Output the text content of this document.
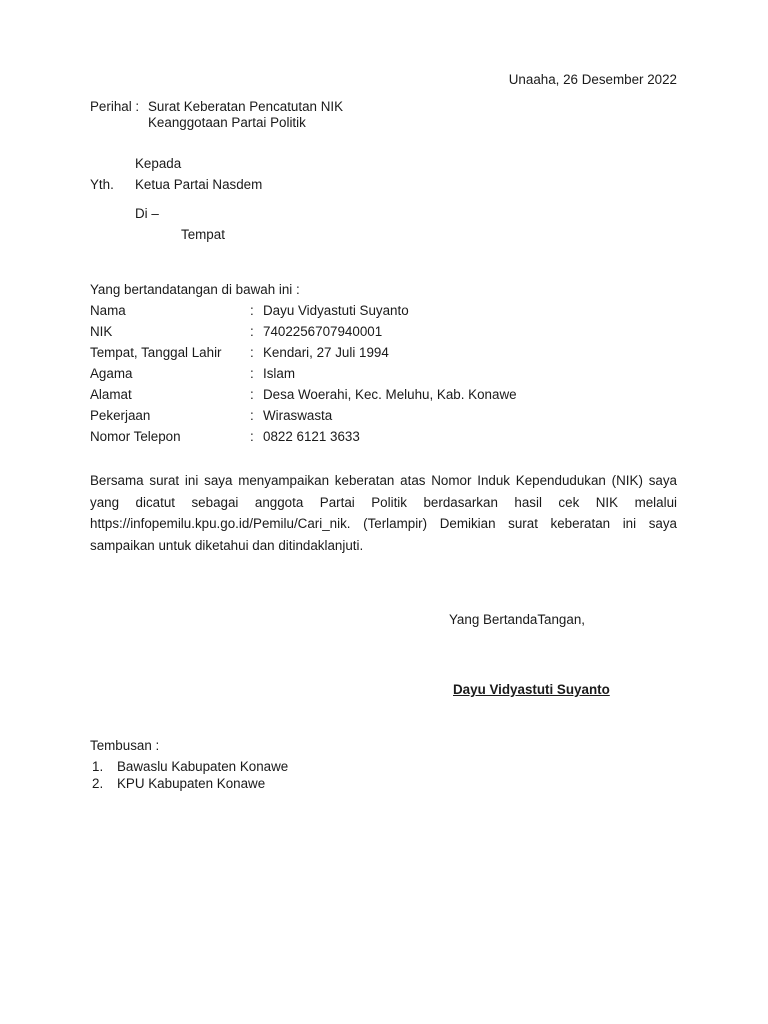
Unaaha, 26 Desember 2022
Perihal : Surat Keberatan Pencatutan NIK
Keanggotaan Partai Politik
Kepada
Yth. Ketua Partai Nasdem
Di –
Tempat
Yang bertandatangan di bawah ini :
Nama	: Dayu Vidyastuti Suyanto
NIK	: 7402256707940001
Tempat, Tanggal Lahir	: Kendari, 27 Juli 1994
Agama	: Islam
Alamat	: Desa Woerahi, Kec. Meluhu, Kab. Konawe
Pekerjaan	: Wiraswasta
Nomor Telepon	: 0822 6121 3633
Bersama surat ini saya menyampaikan keberatan atas Nomor Induk Kependudukan (NIK) saya yang dicatut sebagai anggota Partai Politik berdasarkan hasil cek NIK melalui https://infopemilu.kpu.go.id/Pemilu/Cari_nik. (Terlampir) Demikian surat keberatan ini saya sampaikan untuk diketahui dan ditindaklanjuti.
Yang BertandaTangan,
Dayu Vidyastuti Suyanto
Tembusan :
1.	Bawaslu Kabupaten Konawe
2.	KPU Kabupaten Konawe
